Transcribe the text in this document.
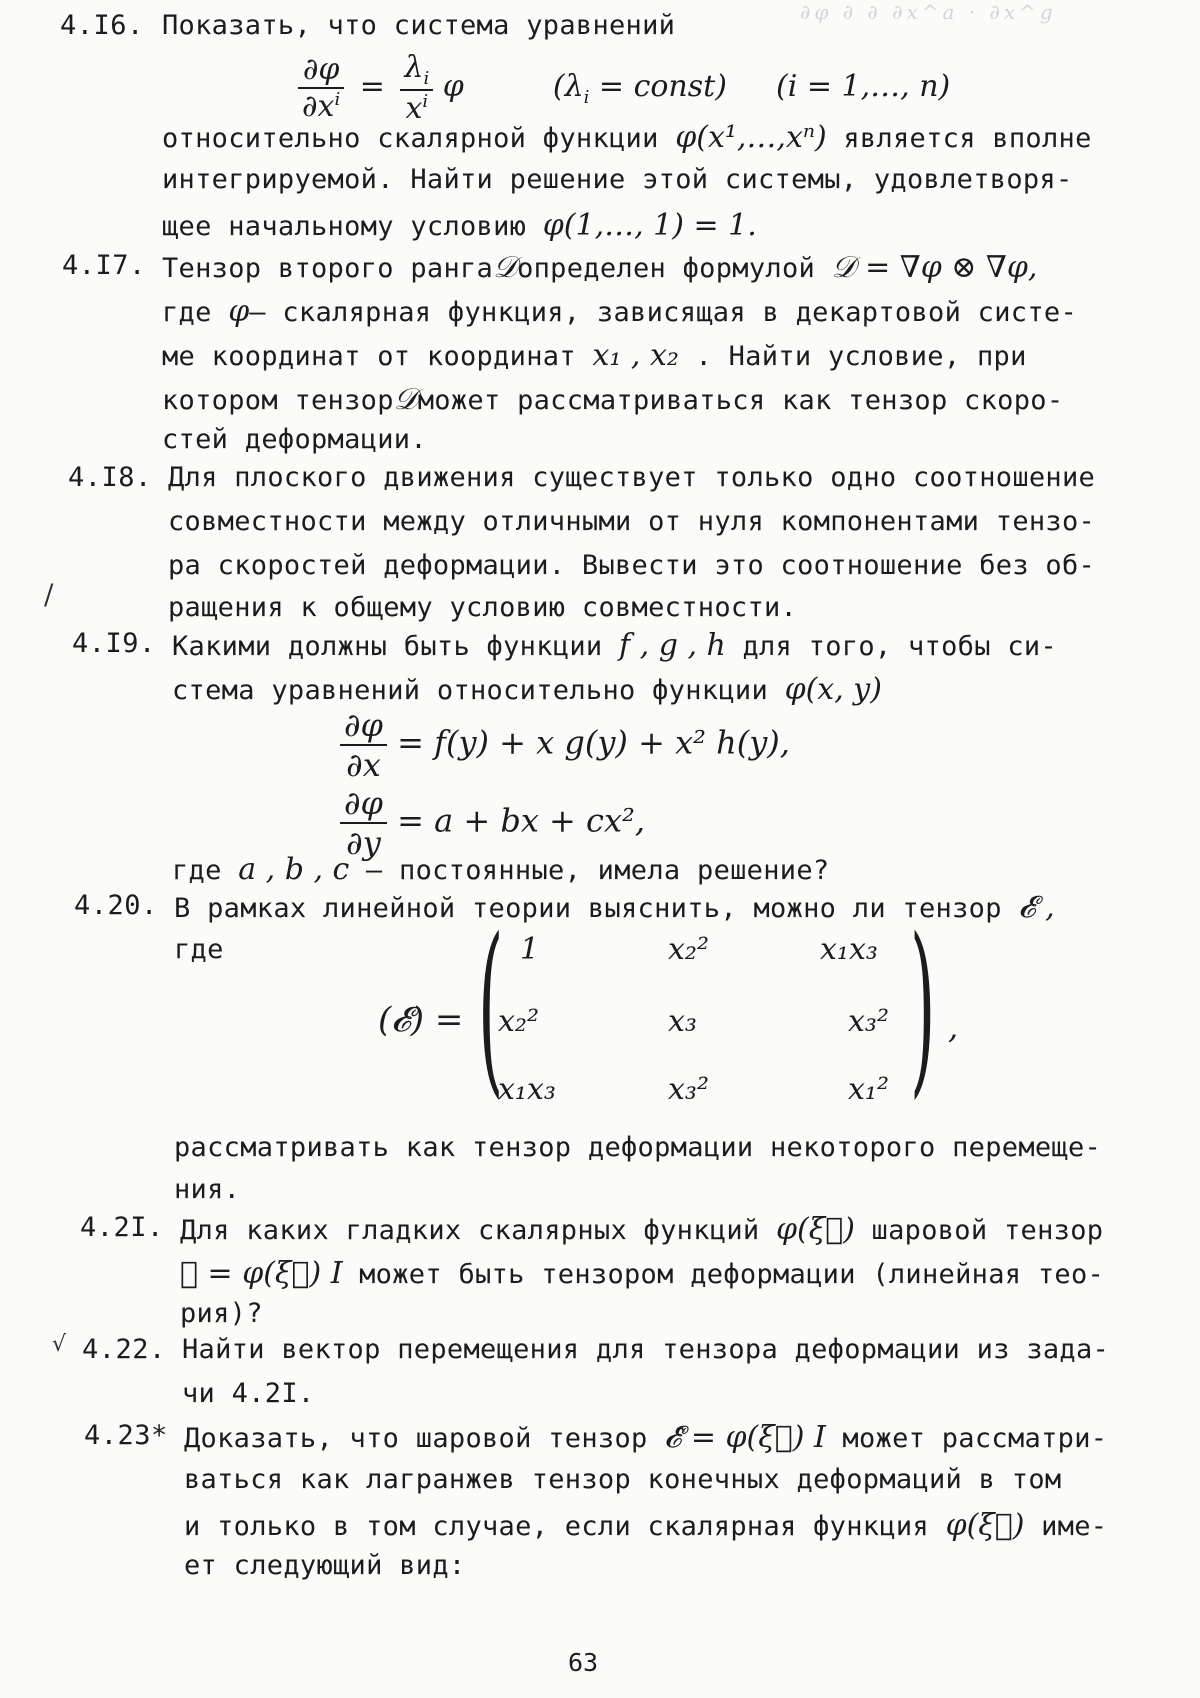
∂φ ∂ ∂ ∂x^a · ∂x^g
4.I6. Показать, что система уравнений
$\frac{\partial\varphi}{\partial x^i} = \frac{\lambda_i}{x^i}$ φ	($\lambda_i$ = const) (i = 1,…, n)
относительно скалярной функции φ(x¹,…,xⁿ) является вполне
интегрируемой. Найти решение этой системы, удовлетворя-
щее начальному условию φ(1,…, 1) = 1.
4.I7. Тензор второго ранга𝒟определен формулой 𝒟 = ∇φ ⊗ ∇φ,
где φ– скалярная функция, зависящая в декартовой систе-
ме координат от координат x₁ , x₂ . Найти условие, при
котором тензор𝒟может рассматриваться как тензор скоро-
стей деформации.
4.I8. Для плоского движения существует только одно соотношение
совместности между отличными от нуля компонентами тензо-
ра скоростей деформации. Вывести это соотношение без об-
ращения к общему условию совместности.
/
4.I9. Какими должны быть функции f , g , h для того, чтобы си-
стема уравнений относительно функции φ(x, y)
$\frac{\partial\varphi}{\partial x} = f(y) + x$ g(y) + x² h(y),
$\frac{\partial\varphi}{\partial y} = a$ + bx + cx²,
где a , b , c – постоянные, имела решение?
4.20. В рамках линейной теории выяснить, можно ли тензор 𝓔 ,
где
(𝓔) = ( )
1	x₂²	x₁x₃
x₂²	x₃	x₃²
x₁x₃	x₃²	x₁²
,
рассматривать как тензор деформации некоторого перемеще-
ния.
4.2I. Для каких гладких скалярных функций φ(ξ⃗) шаровой тензор
𝓔 = φ(ξ⃗) I может быть тензором деформации (линейная тео-
рия)?
√ 4.22. Найти вектор перемещения для тензора деформации из зада-
чи 4.2I.
4.23* Доказать, что шаровой тензор 𝓔̂ = φ(ξ⃗) I может рассматри-
ваться как лагранжев тензор конечных деформаций в том
и только в том случае, если скалярная функция φ(ξ⃗) име-
ет следующий вид:
63
